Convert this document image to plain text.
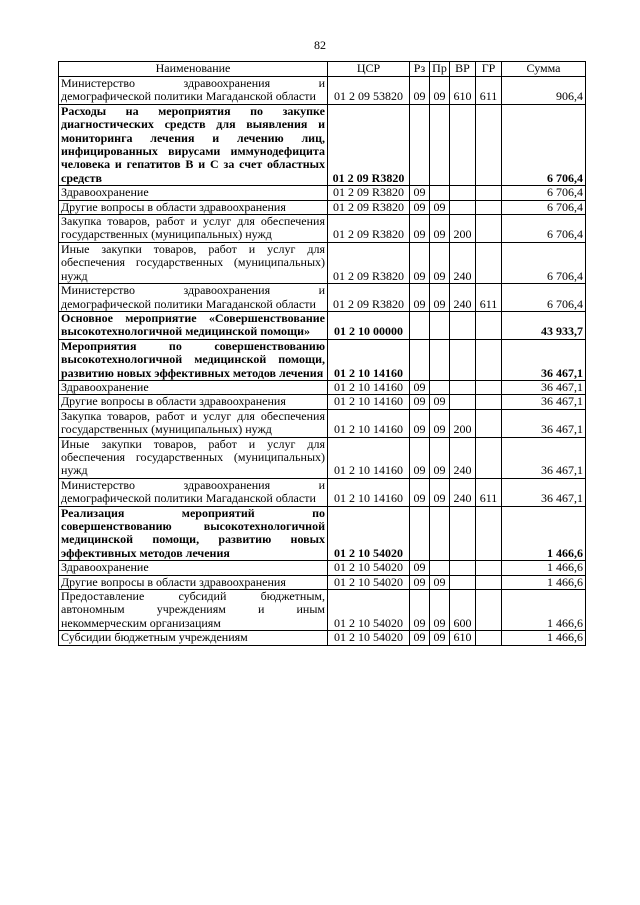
82
Наименование	ЦСР	Рз	Пр	ВР	ГР	Сумма
Министерство здравоохранения и демографической политики Магаданской области	01 2 09 53820	09	09	610	611	906,4
Расходы на мероприятия по закупке диагностических средств для выявления и мониторинга лечения и лечению лиц, инфицированных вирусами иммунодефицита человека и гепатитов В и С за счет областных средств	01 2 09 R3820					6 706,4
Здравоохранение	01 2 09 R3820	09				6 706,4
Другие вопросы в области здравоохранения	01 2 09 R3820	09	09			6 706,4
Закупка товаров, работ и услуг для обеспечения государственных (муниципальных) нужд	01 2 09 R3820	09	09	200		6 706,4
Иные закупки товаров, работ и услуг для обеспечения государственных (муниципальных) нужд	01 2 09 R3820	09	09	240		6 706,4
Министерство здравоохранения и демографической политики Магаданской области	01 2 09 R3820	09	09	240	611	6 706,4
Основное мероприятие «Совершенствование высокотехнологичной медицинской помощи»	01 2 10 00000					43 933,7
Мероприятия по совершенствованию высокотехнологичной медицинской помощи, развитию новых эффективных методов лечения	01 2 10 14160					36 467,1
Здравоохранение	01 2 10 14160	09				36 467,1
Другие вопросы в области здравоохранения	01 2 10 14160	09	09			36 467,1
Закупка товаров, работ и услуг для обеспечения государственных (муниципальных) нужд	01 2 10 14160	09	09	200		36 467,1
Иные закупки товаров, работ и услуг для обеспечения государственных (муниципальных) нужд	01 2 10 14160	09	09	240		36 467,1
Министерство здравоохранения и демографической политики Магаданской области	01 2 10 14160	09	09	240	611	36 467,1
Реализация мероприятий по совершенствованию высокотехнологичной медицинской помощи, развитию новых эффективных методов лечения	01 2 10 54020					1 466,6
Здравоохранение	01 2 10 54020	09				1 466,6
Другие вопросы в области здравоохранения	01 2 10 54020	09	09			1 466,6
Предоставление субсидий бюджетным, автономным учреждениям и иным некоммерческим организациям	01 2 10 54020	09	09	600		1 466,6
Субсидии бюджетным учреждениям	01 2 10 54020	09	09	610		1 466,6
